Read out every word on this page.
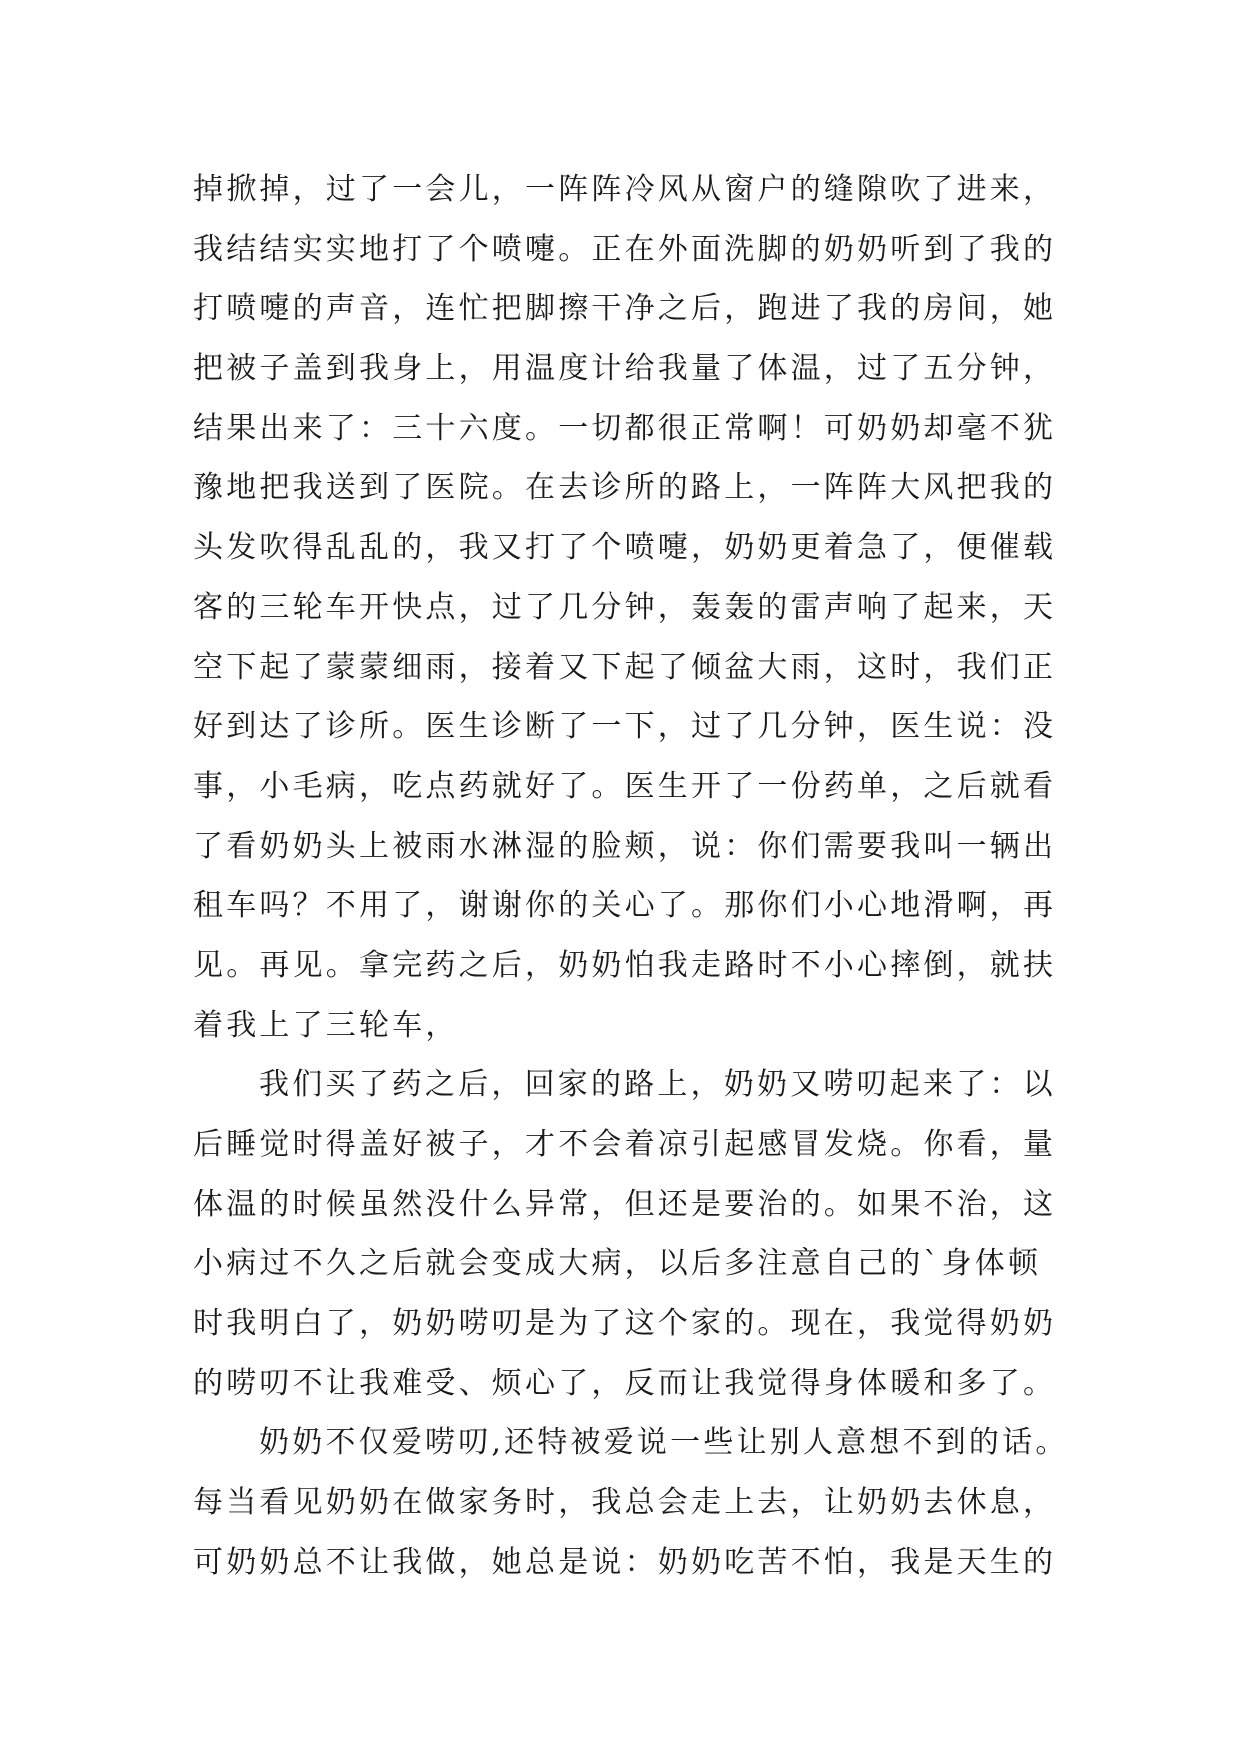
掉掀掉，过了一会儿，一阵阵冷风从窗户的缝隙吹了进来，
我结结实实地打了个喷嚏。正在外面洗脚的奶奶听到了我的
打喷嚏的声音，连忙把脚擦干净之后，跑进了我的房间，她
把被子盖到我身上，用温度计给我量了体温，过了五分钟，
结果出来了：三十六度。一切都很正常啊！可奶奶却毫不犹
豫地把我送到了医院。在去诊所的路上，一阵阵大风把我的
头发吹得乱乱的，我又打了个喷嚏，奶奶更着急了，便催载
客的三轮车开快点，过了几分钟，轰轰的雷声响了起来，天
空下起了蒙蒙细雨，接着又下起了倾盆大雨，这时，我们正
好到达了诊所。医生诊断了一下，过了几分钟，医生说：没
事，小毛病，吃点药就好了。医生开了一份药单，之后就看
了看奶奶头上被雨水淋湿的脸颊，说：你们需要我叫一辆出
租车吗？不用了，谢谢你的关心了。那你们小心地滑啊，再
见。再见。拿完药之后，奶奶怕我走路时不小心摔倒，就扶
着我上了三轮车，
我们买了药之后，回家的路上，奶奶又唠叨起来了：以
后睡觉时得盖好被子，才不会着凉引起感冒发烧。你看，量
体温的时候虽然没什么异常，但还是要治的。如果不治，这
小病过不久之后就会变成大病，以后多注意自己的`身体顿
时我明白了，奶奶唠叨是为了这个家的。现在，我觉得奶奶
的唠叨不让我难受、烦心了，反而让我觉得身体暖和多了。
奶奶不仅爱唠叨,还特被爱说一些让别人意想不到的话。
每当看见奶奶在做家务时，我总会走上去，让奶奶去休息，
可奶奶总不让我做，她总是说：奶奶吃苦不怕，我是天生的
